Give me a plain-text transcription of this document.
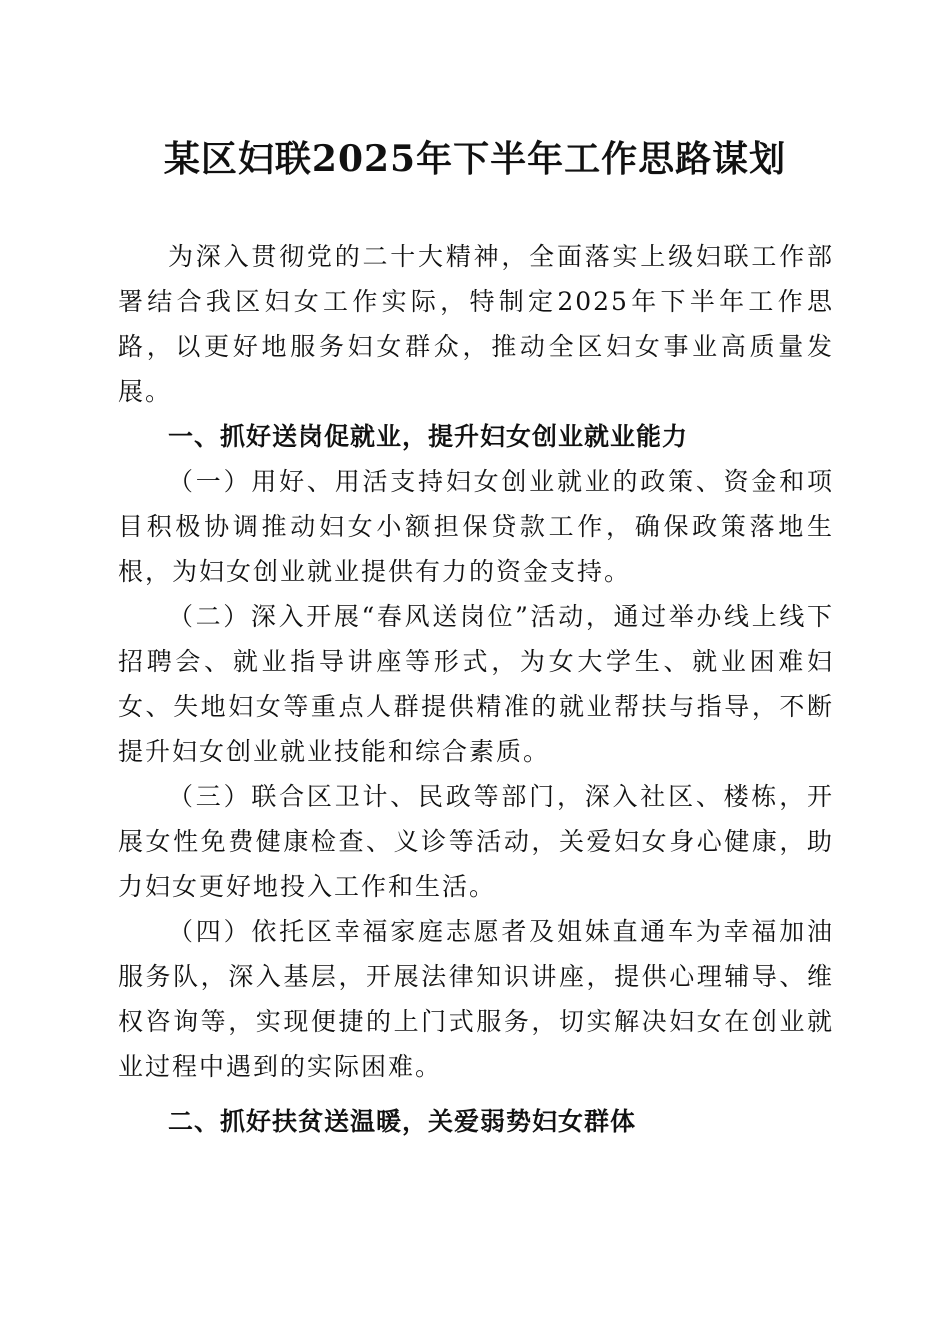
某区妇联2025年下半年工作思路谋划

为深入贯彻党的二十大精神，全面落实上级妇联工作部署结合我区妇女工作实际，特制定2025年下半年工作思路，以更好地服务妇女群众，推动全区妇女事业高质量发展。

一、抓好送岗促就业，提升妇女创业就业能力

（一）用好、用活支持妇女创业就业的政策、资金和项目积极协调推动妇女小额担保贷款工作，确保政策落地生根，为妇女创业就业提供有力的资金支持。

（二）深入开展“春风送岗位”活动，通过举办线上线下招聘会、就业指导讲座等形式，为女大学生、就业困难妇女、失地妇女等重点人群提供精准的就业帮扶与指导，不断提升妇女创业就业技能和综合素质。

（三）联合区卫计、民政等部门，深入社区、楼栋，开展女性免费健康检查、义诊等活动，关爱妇女身心健康，助力妇女更好地投入工作和生活。

（四）依托区幸福家庭志愿者及姐妹直通车为幸福加油服务队，深入基层，开展法律知识讲座，提供心理辅导、维权咨询等，实现便捷的上门式服务，切实解决妇女在创业就业过程中遇到的实际困难。

二、抓好扶贫送温暖，关爱弱势妇女群体
